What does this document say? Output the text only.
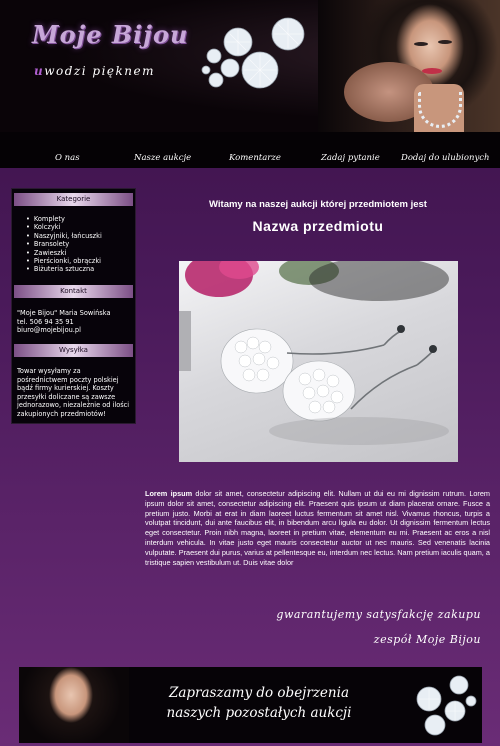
Moje Bijou
uwodzi pięknem
O nas	Nasze aukcje	Komentarze	Zadaj pytanie Dodaj do ulubionych
Kategorie
• Komplety
• Kolczyki
• Naszyjniki, łańcuszki
• Bransolety
• Zawieszki
• Pierścionki, obrączki
• Biżuteria sztuczna
Kontakt
"Moje Bijou" Maria Sowińska
tel. 506 94 35 91
biuro@mojebijou.pl
Wysyłka
Towar wysyłamy za pośrednictwem poczty polskiej bądź firmy kurierskiej. Koszty przesyłki doliczane są zawsze jednorazowo, niezależnie od ilości zakupionych przedmiotów!
Witamy na naszej aukcji której przedmiotem jest
Nazwa przedmiotu
Lorem ipsum dolor sit amet, consectetur adipiscing elit. Nullam ut dui eu mi dignissim rutrum. Lorem ipsum dolor sit amet, consectetur adipiscing elit. Praesent quis ipsum ut diam placerat ornare. Fusce a pretium justo. Morbi at erat in diam laoreet luctus fermentum sit amet nisl. Vivamus rhoncus, turpis a volutpat tincidunt, dui ante faucibus elit, in bibendum arcu ligula eu dolor. Ut dignissim fermentum lectus eget consectetur. Proin nibh magna, laoreet in pretium vitae, elementum eu mi. Praesent ac eros a nisl interdum vehicula. In vitae justo eget mauris consectetur auctor ut nec mauris. Sed venenatis lacinia vulputate. Praesent dui purus, varius at pellentesque eu, interdum nec lectus. Nam pretium iaculis quam, a tristique sapien vestibulum ut. Duis vitae dolor
gwarantujemy satysfakcję zakupu
zespół Moje Bijou
Zapraszamy do obejrzenia
naszych pozostałych aukcji
